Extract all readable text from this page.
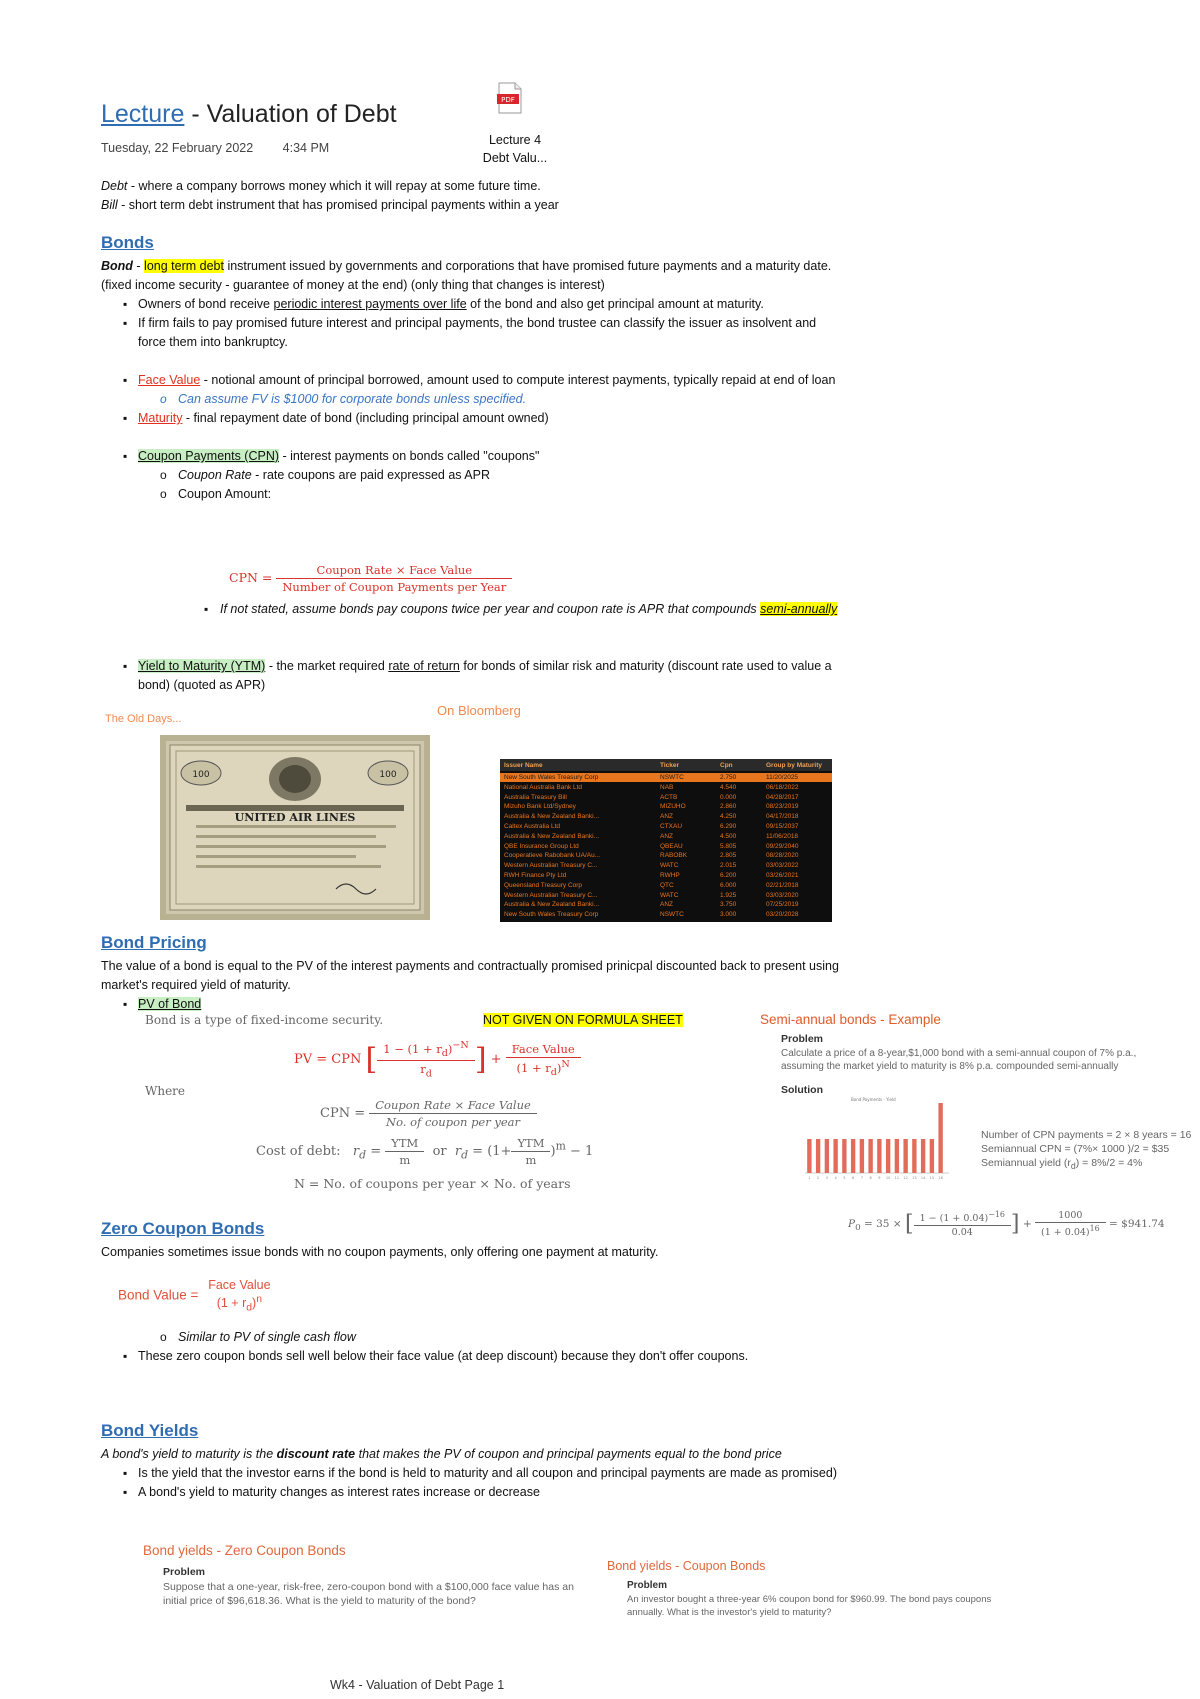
Lecture - Valuation of Debt
Tuesday, 22 February 2022 4:34 PM
PDF
Lecture 4
Debt Valu...
Debt - where a company borrows money which it will repay at some future time.
Bill - short term debt instrument that has promised principal payments within a year
Bonds
Bond - long term debt instrument issued by governments and corporations that have promised future payments and a maturity date. (fixed income security - guarantee of money at the end) (only thing that changes is interest)
▪ Owners of bond receive periodic interest payments over life of the bond and also get principal amount at maturity.
▪ If firm fails to pay promised future interest and principal payments, the bond trustee can classify the issuer as insolvent and force them into bankruptcy.
▪ Face Value - notional amount of principal borrowed, amount used to compute interest payments, typically repaid at end of loan
o Can assume FV is $1000 for corporate bonds unless specified.
▪ Maturity - final repayment date of bond (including principal amount owned)
▪ Coupon Payments (CPN) - interest payments on bonds called "coupons"
o Coupon Rate - rate coupons are paid expressed as APR
o Coupon Amount:
CPN = $\frac{\text{Coupon Rate × Face Value}}{\text{Number of Coupon Payments per Year}}$
▪ If not stated, assume bonds pay coupons twice per year and coupon rate is APR that compounds semi-annually
▪ Yield to Maturity (YTM) - the market required rate of return for bonds of similar risk and maturity (discount rate used to value a bond) (quoted as APR)
The Old Days...
On Bloomberg
100	100
UNITED AIR LINES
Issuer Name	Ticker	Cpn	Group by Maturity
New South Wales Treasury Corp	NSWTC	2.750	11/20/2025
National Australia Bank Ltd	NAB	4.540	06/18/2022
Australia Treasury Bill	ACTB	0.000	04/28/2017
Mizuho Bank Ltd/Sydney	MIZUHO	2.860	08/23/2019
Australia & New Zealand Banki...	ANZ	4.250	04/17/2018
Caltex Australia Ltd	CTXAU	6.290	09/15/2037
Australia & New Zealand Banki...	ANZ	4.500	11/06/2018
QBE Insurance Group Ltd	QBEAU	5.805	09/29/2040
Cooperatieve Rabobank UA/Au...	RABOBK	2.805	08/28/2020
Western Australian Treasury C...	WATC	2.015	03/03/2022
RWH Finance Pty Ltd	RWHP	6.200	03/26/2021
Queensland Treasury Corp	QTC	6.000	02/21/2018
Western Australian Treasury C...	WATC	1.925	03/03/2020
Australia & New Zealand Banki...	ANZ	3.750	07/25/2019
New South Wales Treasury Corp	NSWTC	3.000	03/20/2028
Bond Pricing
The value of a bond is equal to the PV of the interest payments and contractually promised prinicpal discounted back to present using market's required yield of maturity.
▪ PV of Bond
Bond is a type of fixed-income security.	NOT GIVEN ON FORMULA SHEET
PV = CPN [ $\frac{1 - (1 + r_d)^{-N}}{r_d}$ ] + $\frac{\text{Face Value}}{(1 + r_d)^N}$
Where
CPN = $\frac{\text{Coupon Rate × Face Value}}{\text{No. of coupon per year}}$
Cost of debt: $r_d = \frac{\text{YTM}}{m}$ or $r_d = (1+ \frac{\text{YTM}}{m} )^m - 1$
N = No. of coupons per year × No. of years
Semi-annual bonds - Example
Problem
Calculate a price of a 8-year,$1,000 bond with a semi-annual coupon of 7% p.a., assuming the market yield to maturity is 8% p.a. compounded semi-annually
Solution
Bond Payments - Yield
1 2 3 4 5 6 7 8 9 10 11 12 13 14 15 16
Number of CPN payments = 2 × 8 years = 16
Semiannual CPN = (7%× 1000 )/2 = $35
Semiannual yield $(r_d) = 8\%/2 = 4\%$
$P_0 = 35$ × [ $\frac{1 - (1 + 0.04)^{-16}}{0.04}$ ] + $\frac{1000}{(1 + 0.04)^{16}}$ = $941.74
Zero Coupon Bonds
Companies sometimes issue bonds with no coupon payments, only offering one payment at maturity.
Bond Value =
Face Value
$(1 + r_d)^n$
o Similar to PV of single cash flow
▪ These zero coupon bonds sell well below their face value (at deep discount) because they don't offer coupons.
Bond Yields
A bond's yield to maturity is the discount rate that makes the PV of coupon and principal payments equal to the bond price
▪ Is the yield that the investor earns if the bond is held to maturity and all coupon and principal payments are made as promised)
▪ A bond's yield to maturity changes as interest rates increase or decrease
Bond yields - Zero Coupon Bonds
Problem
Suppose that a one-year, risk-free, zero-coupon bond with a $100,000 face value has an initial price of $96,618.36. What is the yield to maturity of the bond?
Bond yields - Coupon Bonds
Problem
An investor bought a three-year 6% coupon bond for $960.99. The bond pays coupons annually. What is the investor's yield to maturity?
Wk4 - Valuation of Debt Page 1
